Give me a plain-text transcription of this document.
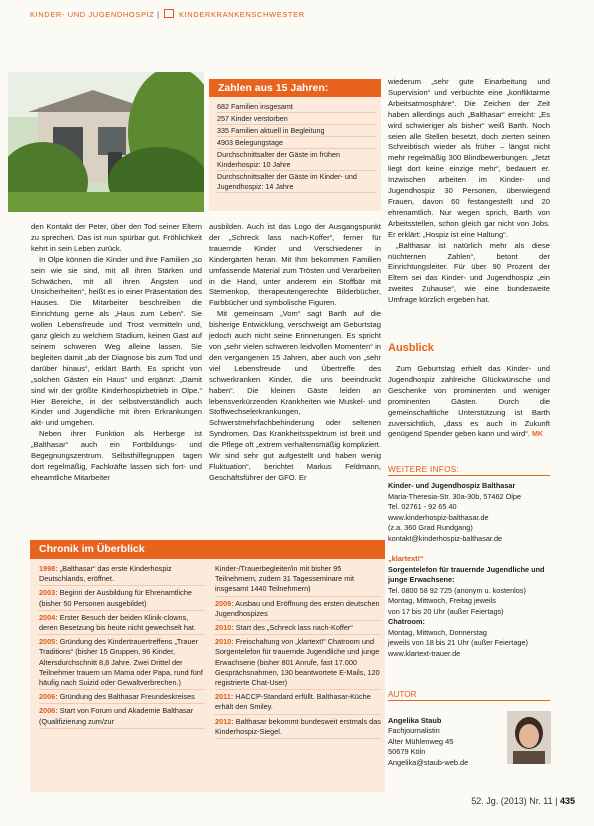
KINDER- UND JUGENDHOSPIZ |  KINDERKRANKENSCHWESTER
Zahlen aus 15 Jahren:
682 Familien insgesamt
257 Kinder verstorben
335 Familien aktuell in Begleitung
4903 Belegungstage
Durchschnittsalter der Gäste im frühen Kinderhospiz: 10 Jahre
Durchschnittsalter der Gäste im Kinder- und Jugendhospiz: 14 Jahre

den Kontakt der Peter, über den Tod seiner Eltern zu sprechen. Das ist nun spürbar gut. Fröhlichkeit kehrt in sein Leben zurück.

In Olpe können die Kinder und ihre Familien „so sein wie sie sind, mit all ihren Stärken und Schwächen, mit all ihren Ängsten und Unsicherheiten“, heißt es in einer Präsentation des Hauses. Die Mitarbeiter beschreiben die Einrichtung gerne als „Haus zum Leben“. Sie wollen Lebensfreude und Trost vermitteln und, ganz gleich zu welchem Stadium, keinen Gast auf seinem schweren Weg alleine lassen. Sie begleiten damit „ab der Diagnose bis zum Tod und darüber hinaus“, erklärt Barth. Es spricht von „solchen Gästen ein Haus“ und ergänzt: „Damit sind wir der größte Kinderhospizbetrieb in Olpe.“ Hier Bereiche, in der selbstverständlich auch Kinder und Jugendliche mit ihren Erkrankungen akt- und umgehen.

Neben ihrer Funktion als Herberge ist „Balthasar“ auch ein Fortbildungs- und Begegnungszentrum. Selbsthilfegruppen tagen dort regelmäßig, Fachkräfte lassen sich fort- und eheamtliche Mitarbeiter

ausbilden. Auch ist das Logo der Ausgangspunkt der „Schreck lass nach-Koffer“, ferner für trauernde Kinder und Verschiedener in Kindergärten heran. Mit Ihm bekommen Familien umfassende Material zum Trösten und Verarbeiten in die Hand, unter anderem ein Stoffbär mit Sternenkop, therapeutengerechte Bilderbücher, Farbbücher und symbolische Figuren.

Mit gemeinsam „Vom“ sagt Barth auf die bisherige Entwicklung, verschweigt am Geburtstag jedoch auch nicht seine Erinnerungen. Es spricht von „sehr vielen schweren leidvollen Momenten“ in den vergangenen 15 Jahren, aber auch von „sehr viel Lebensfreude und Übertreffe des schwerkranken Kinder, die uns beeindruckt haben“. Die kleinen Gäste leiden an lebensverkürzenden Krankheiten wie Muskel- und Stoffwechselerkrankungen, Schwerstmehrfachbehinderung oder seltenen Syndromen. Das Krankheitsspektrum ist breit und die Pflege oft „extrem verhaltensmäßig kompliziert. Wir sind sehr gut aufgestellt und haben wenig Fluktuation“, berichtet Markus Feldmann, Geschäftsführer der GFO. Er

wiederum „sehr gute Einarbeitung und Supervision“ und verbuchte eine „konfliktarme Arbeitsatmosphäre“. Die Zeichen der Zeit haben allerdings auch „Balthasar“ erreicht: „Es wird schwieriger als bisher“ weiß Barth. Noch seien alle Stellen besetzt, doch zierten seinen Schreibtisch wieder als früher – längst nicht mehr regelmäßig 300 Blindbewerbungen. „Jetzt liegt dort keine einzige mehr“, bedauert er. Inzwischen arbeiten im Kinder- und Jugendhospiz 30 Personen, überwiegend Frauen, davon 60 festangestellt und 20 ehrenamtlich. Nur wegen sprich, Barth von Arbeitsstellen, schon gleich gar nicht von Jobs. Er erklärt: „Hospiz ist eine Haltung“.

„Balthasar ist natürlich mehr als diese nüchternen Zahlen“, betont der Einrichtungsleiter. Für über 90 Prozent der Eltern sei das Kinder- und Jugendhospiz „ein zweites Zuhause“, wie eine bundesweite Umfrage kürzlich ergeben hat.

Ausblick

Zum Geburtstag erhielt das Kinder- und Jugendhospiz zahlreiche Glückwünsche und Geschenke von prominenten und weniger prominenten Gästen. Durch die gemeinschaftliche Unterstützung ist Barth zuversichtlich, „dass es auch in Zukunft genügend Spender geben kann und wird“. MK

WEITERE INFOS:
Kinder- und Jugendhospiz Balthasar
Maria-Theresia-Str. 30a-30b, 57462 Olpe
Tel. 02761 - 92 65 40
www.kinderhospiz-balthasar.de
(z.a. 360 Grad Rundgang)
kontakt@kinderhospiz-balthasar.de
„klartext!“
Sorgentelefon für trauernde Jugendliche und junge Erwachsene:
Tel. 0800 58 92 725 (anonym u. kostenlos)
Montag, Mittwoch, Freitag jeweils
von 17 bis 20 Uhr (außer Feiertags)
Chatroom:
Montag, Mittwoch, Donnerstag
jeweils von 18 bis 21 Uhr (außer Feiertage)
www.klartext-trauer.de
AUTOR
Angelika Staub
Fachjournalistin
Alter Mühlenweg 45
50679 Köln
Angelika@staub-web.de
Chronik im Überblick
1998: „Balthasar“ das erste Kinderhospiz Deutschlands, eröffnet.
2003: Beginn der Ausbildung für Ehrenamtliche (bisher 50 Personen ausgebildet)
2004: Erster Besuch der beiden Klinik-clowns, deren Besetzung bis heute nicht gewechselt hat.
2005: Gründung des Kindertrauertreffens „Trauer Traditions“ (bisher 15 Gruppen, 96 Kinder, Altersdurchschnitt 8,8 Jahre. Zwei Drittel der Teilnehmer trauern um Mama oder Papa, rund fünf häufig nach Suizid oder Gewaltverbrechen.)
2006: Gründung des Balthasar Freundeskreises
2006: Start von Forum und Akademie Balthasar (Qualifizierung zum/zur
Kinder-/Trauerbegleiter/in mit bisher 95 Teilnehmern, zudem 31 Tagesseminare mit insgesamt 1440 Teilnehmern)
2009: Ausbau und Eröffnung des ersten deutschen Jugendhospizes
2010: Start des „Schreck lass nach-Koffer“
2010: Freischaltung von „klartext!“ Chatroom und Sorgentelefon für trauernde Jugendliche und junge Erwachsene (bisher 801 Anrufe, fast 17.000 Gesprächsnahmen, 130 beantwortete E-Mails, 120 registrierte Chat-User)
2011: HACCP-Standard erfüllt. Balthasar-Küche erhält den Smiley.
2012: Balthasar bekommt bundesweit erstmals das Kinderhospiz-Siegel.
52. Jg. (2013) Nr. 11 | 435
